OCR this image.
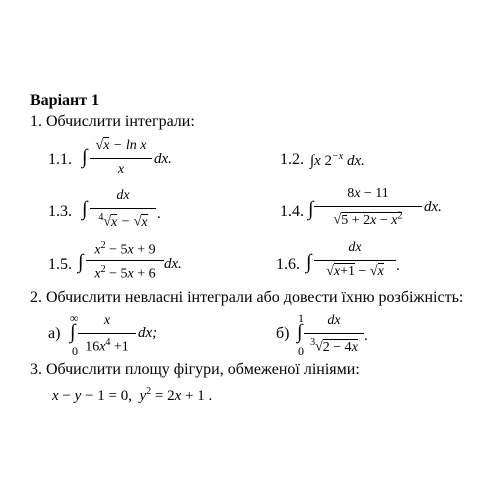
Варіант 1
1. Обчислити інтеграли:
1.1. ∫
√x − ln x
x
dx.	1.2. ∫x $2^{-x}$ dx.
1.3. ∫
dx
$^4$√x − √x
.	1.4. ∫
8x − 11
$√5 + 2x - x^2$
dx.
1.5. ∫
$x^2 - 5x + 9$
$x^2 - 5x + 6$
dx.	1.6. ∫
dx
√x+1 − √x .
2. Обчислити невласні інтеграли або довести їхню розбіжність:
а)
∞
∫
0
x
$16x^4 +1$
dx;	б)
1
∫
0
dx
$^3$√2 − 4x
.
3. Обчислити площу фігури, обмеженої лініями:
x − y − 1 = 0,  $y^2 = 2x + 1$ .
